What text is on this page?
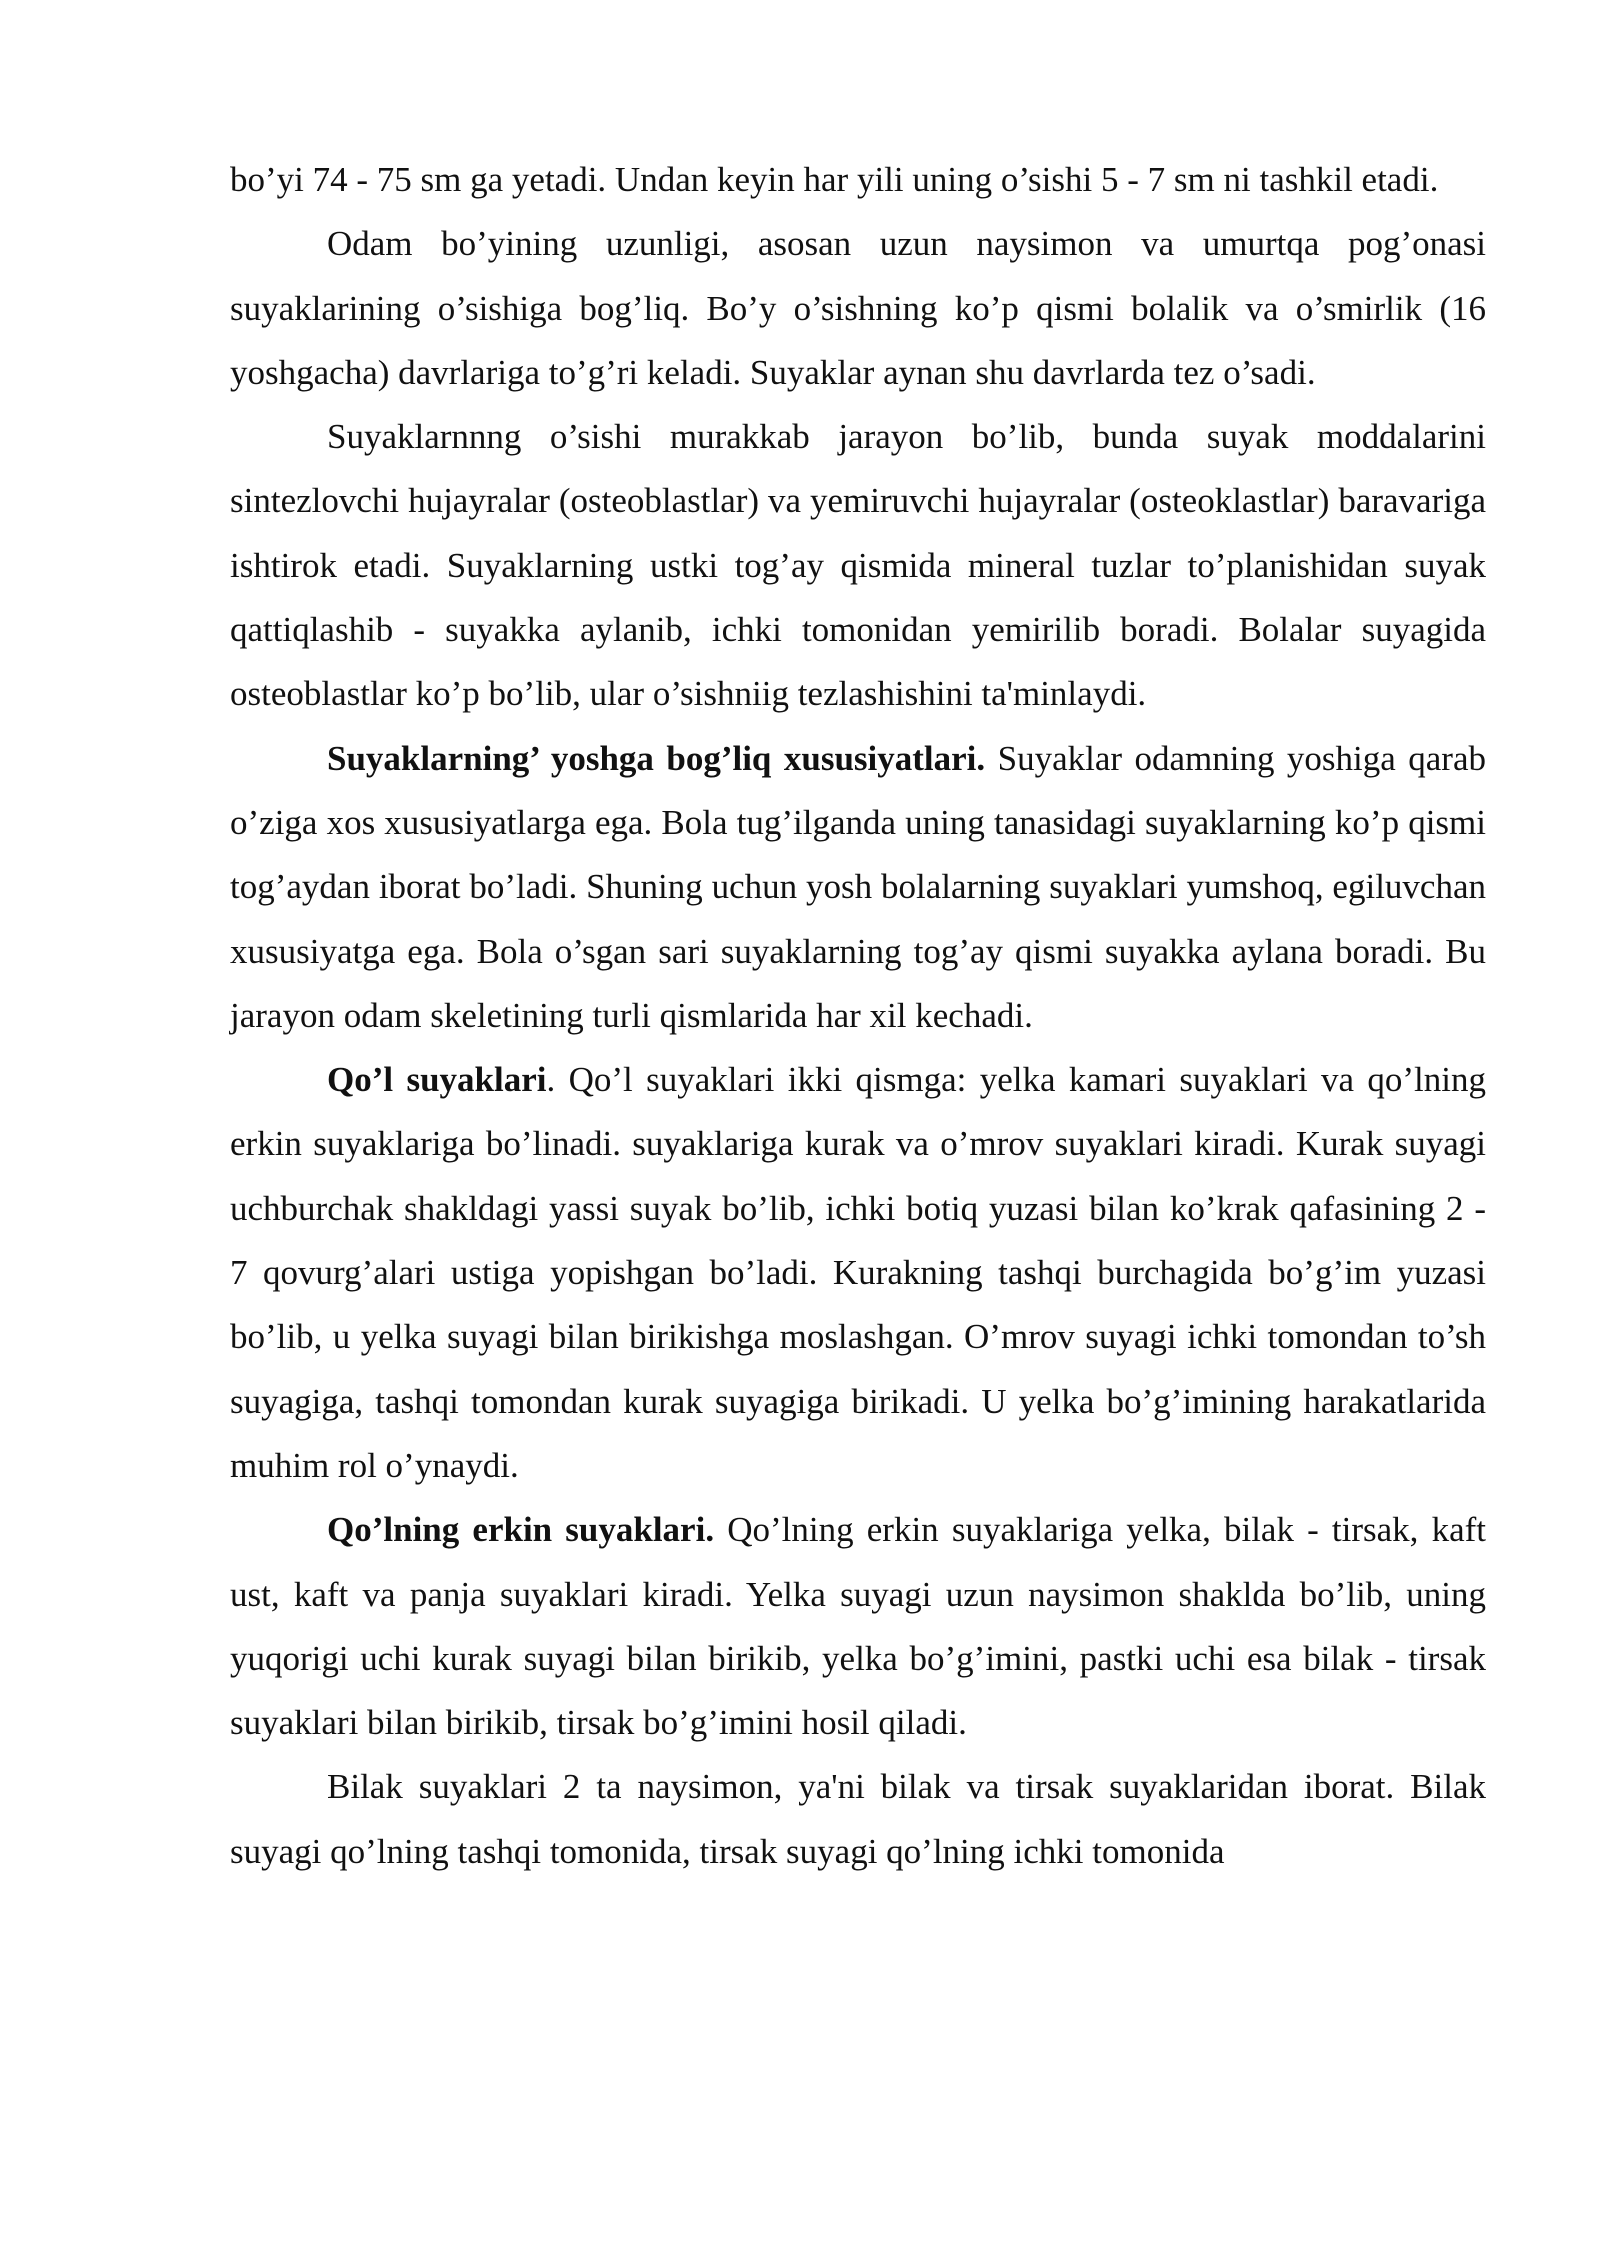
bo’yi 74 - 75 sm ga yetadi. Undan keyin har yili uning o’sishi 5 - 7 sm ni tashkil etadi.

Odam bo’yining uzunligi, asosan uzun naysimon va umurtqa pog’onasi suyaklarining o’sishiga bog’liq. Bo’y o’sishning ko’p qismi bolalik va o’smirlik (16 yoshgacha) davrlariga to’g’ri keladi. Suyaklar aynan shu davrlarda tez o’sadi.

Suyaklarnnng o’sishi murakkab jarayon bo’lib, bunda suyak moddalarini sintezlovchi hujayralar (osteoblastlar) va yemiruvchi hujayralar (osteoklastlar) baravariga ishtirok etadi. Suyaklarning ustki tog’ay qismida mineral tuzlar to’planishidan suyak qattiqlashib - suyakka aylanib, ichki tomonidan yemirilib boradi. Bolalar suyagida osteoblastlar ko’p bo’lib, ular o’sishniig tezlashishini ta'minlaydi.

Suyaklarning’ yoshga bog’liq xususiyatlari. Suyaklar odamning yoshiga qarab o’ziga xos xususiyatlarga ega. Bola tug’ilganda uning tanasidagi suyaklarning ko’p qismi tog’aydan iborat bo’ladi. Shuning uchun yosh bolalarning suyaklari yumshoq, egiluvchan xususiyatga ega. Bola o’sgan sari suyaklarning tog’ay qismi suyakka aylana boradi. Bu jarayon odam skeletining turli qismlarida har xil kechadi.

Qo’l suyaklari. Qo’l suyaklari ikki qismga: yelka kamari suyaklari va qo’lning erkin suyaklariga bo’linadi. suyaklariga kurak va o’mrov suyaklari kiradi. Kurak suyagi uchburchak shakldagi yassi suyak bo’lib, ichki botiq yuzasi bilan ko’krak qafasining 2 - 7 qovurg’alari ustiga yopishgan bo’ladi. Kurakning tashqi burchagida bo’g’im yuzasi bo’lib, u yelka suyagi bilan birikishga moslashgan. O’mrov suyagi ichki tomondan to’sh suyagiga, tashqi tomondan kurak suyagiga birikadi. U yelka bo’g’imining harakatlarida muhim rol o’ynaydi.

Qo’lning erkin suyaklari. Qo’lning erkin suyaklariga yelka, bilak - tirsak, kaft ust, kaft va panja suyaklari kiradi. Yelka suyagi uzun naysimon shaklda bo’lib, uning yuqorigi uchi kurak suyagi bilan birikib, yelka bo’g’imini, pastki uchi esa bilak - tirsak suyaklari bilan birikib, tirsak bo’g’imini hosil qiladi.

Bilak suyaklari 2 ta naysimon, ya'ni bilak va tirsak suyaklaridan iborat. Bilak suyagi qo’lning tashqi tomonida, tirsak suyagi qo’lning ichki tomonida
